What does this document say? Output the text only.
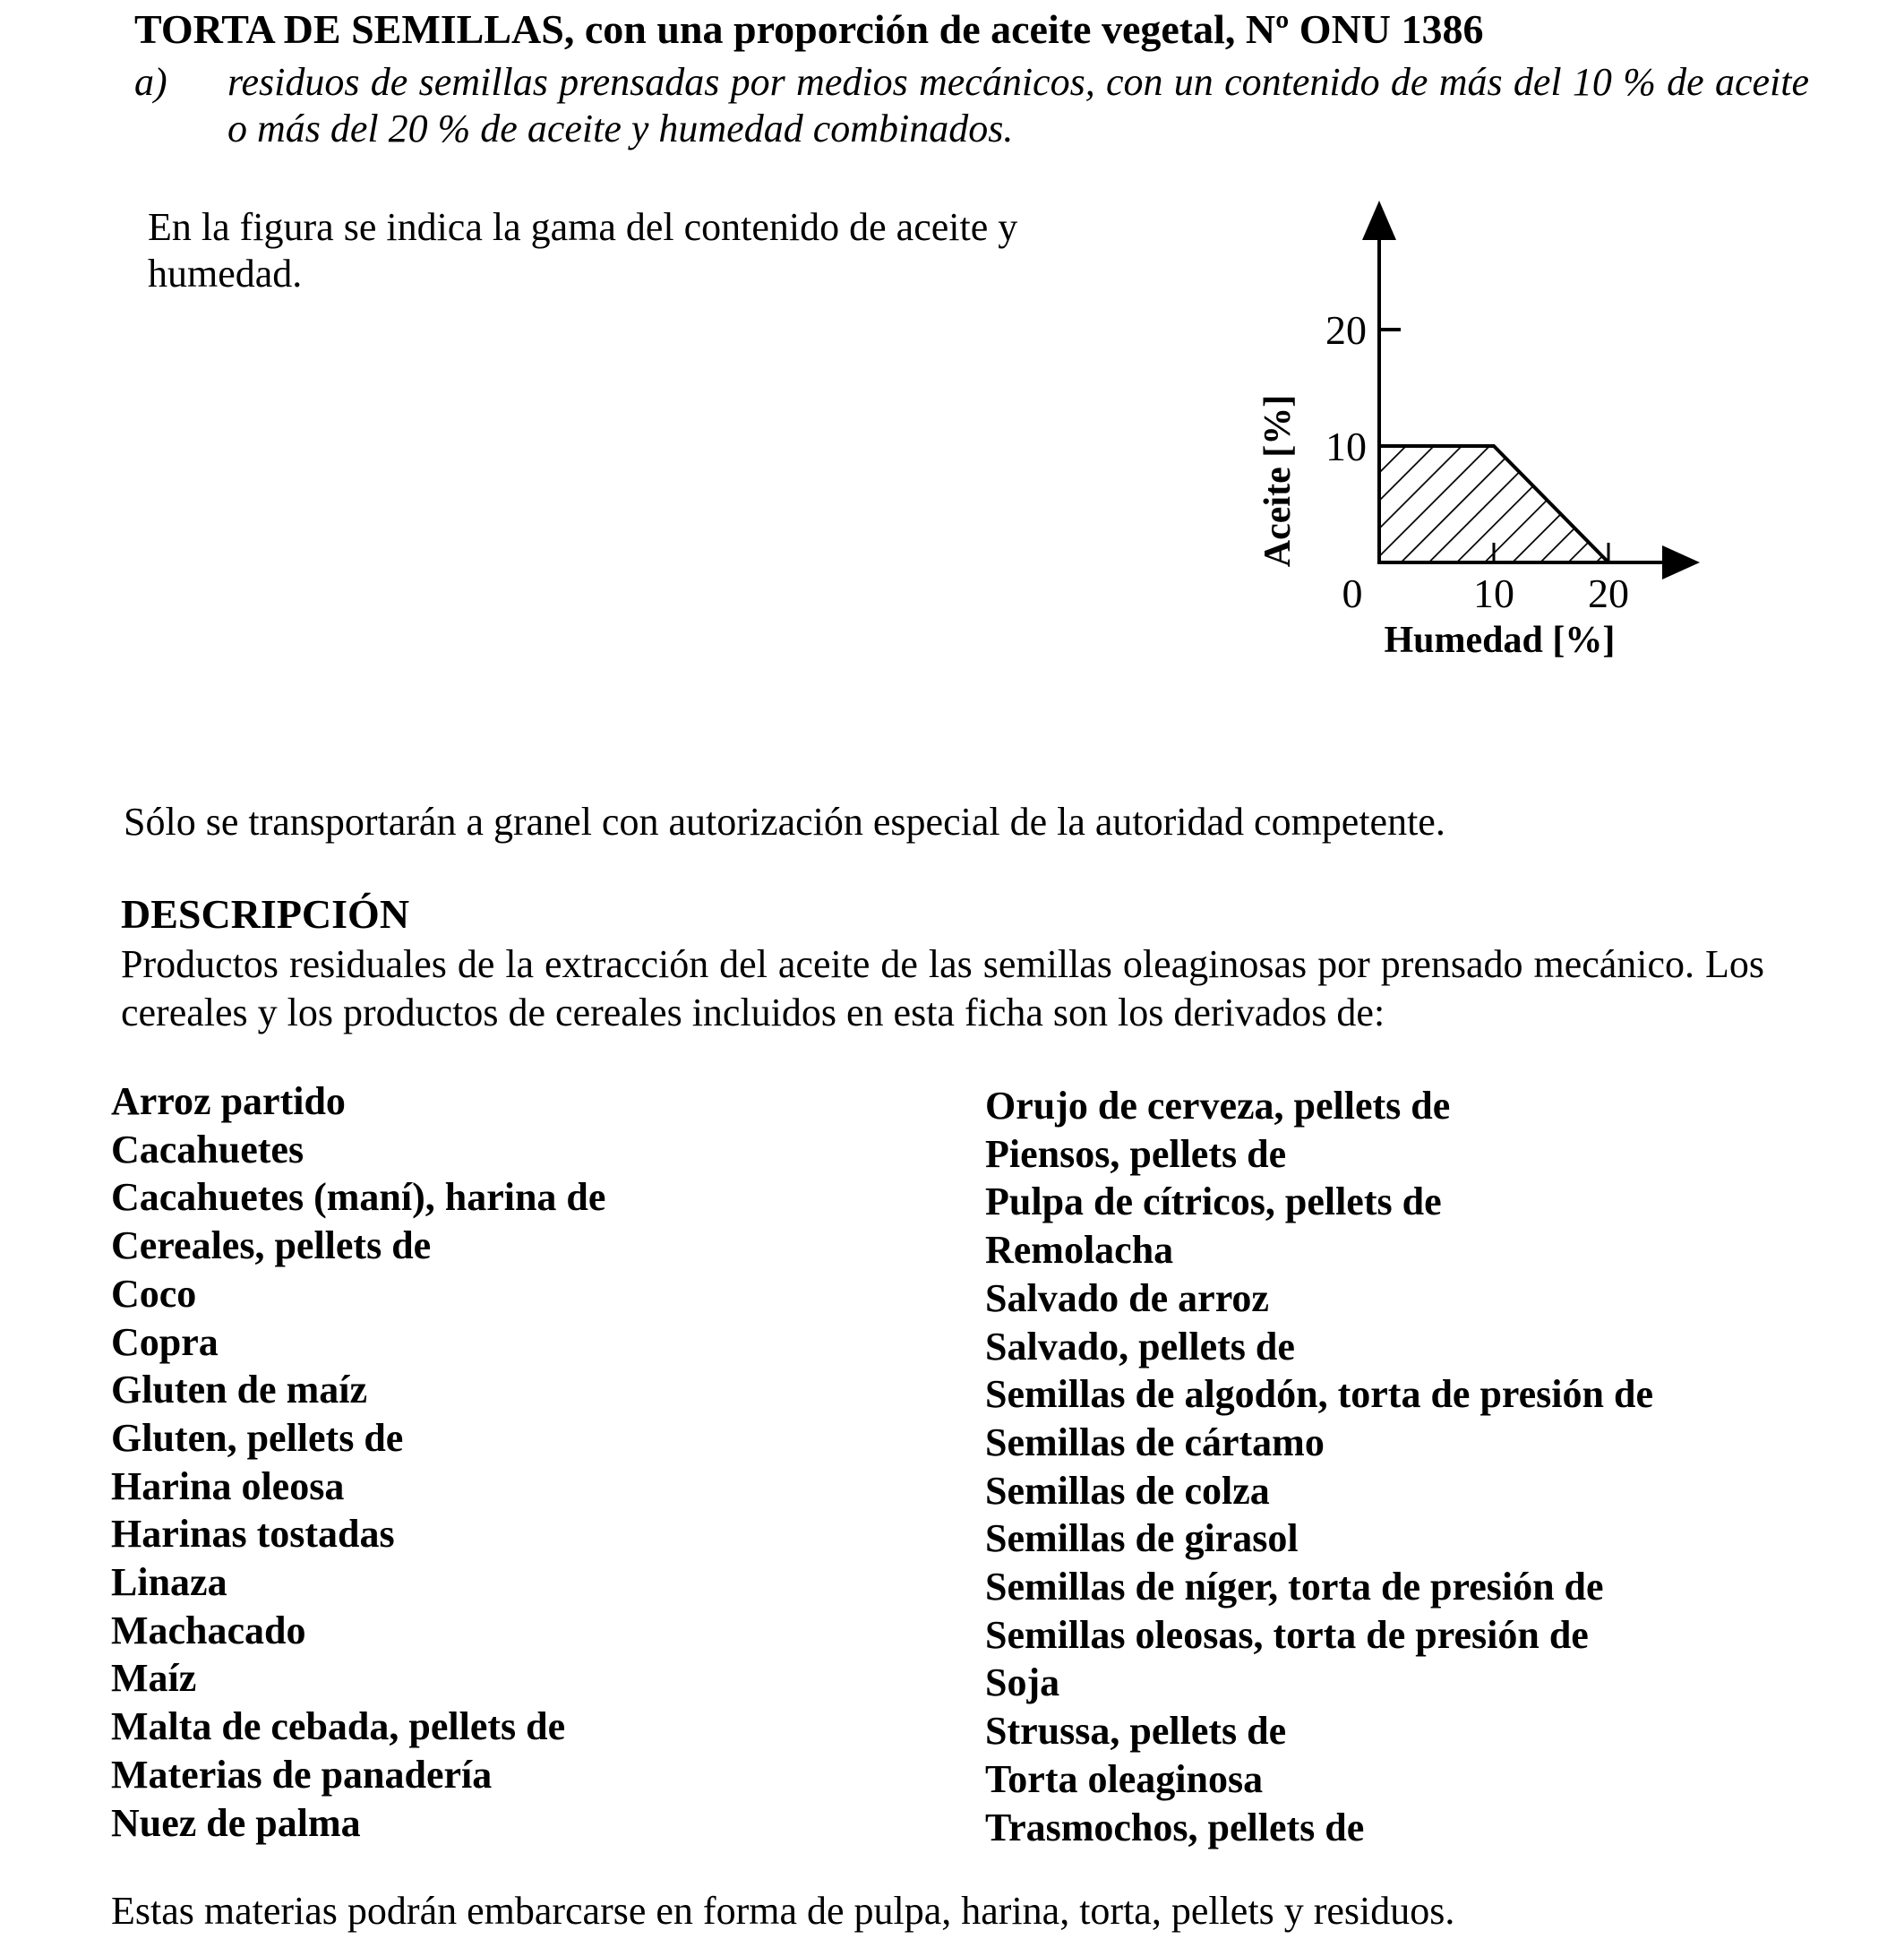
TORTA DE SEMILLAS, con una proporción de aceite vegetal, Nº ONU 1386
a) residuos de semillas prensadas por medios mecánicos, con un contenido de más del 10 % de aceite o más del 20 % de aceite y humedad combinados.
En la figura se indica la gama del contenido de aceite y humedad.
20
10
0	10 20
Humedad [%]
Aceite [%]
Sólo se transportarán a granel con autorización especial de la autoridad competente.
DESCRIPCIÓN
Productos residuales de la extracción del aceite de las semillas oleaginosas por prensado mecánico. Los cereales y los productos de cereales incluidos en esta ficha son los derivados de:
Arroz partido
Cacahuetes
Cacahuetes (maní), harina de
Cereales, pellets de
Coco
Copra
Gluten de maíz
Gluten, pellets de
Harina oleosa
Harinas tostadas
Linaza
Machacado
Maíz
Malta de cebada, pellets de
Materias de panadería
Nuez de palma
Orujo de cerveza, pellets de
Piensos, pellets de
Pulpa de cítricos, pellets de
Remolacha
Salvado de arroz
Salvado, pellets de
Semillas de algodón, torta de presión de
Semillas de cártamo
Semillas de colza
Semillas de girasol
Semillas de níger, torta de presión de
Semillas oleosas, torta de presión de
Soja
Strussa, pellets de
Torta oleaginosa
Trasmochos, pellets de
Estas materias podrán embarcarse en forma de pulpa, harina, torta, pellets y residuos.
